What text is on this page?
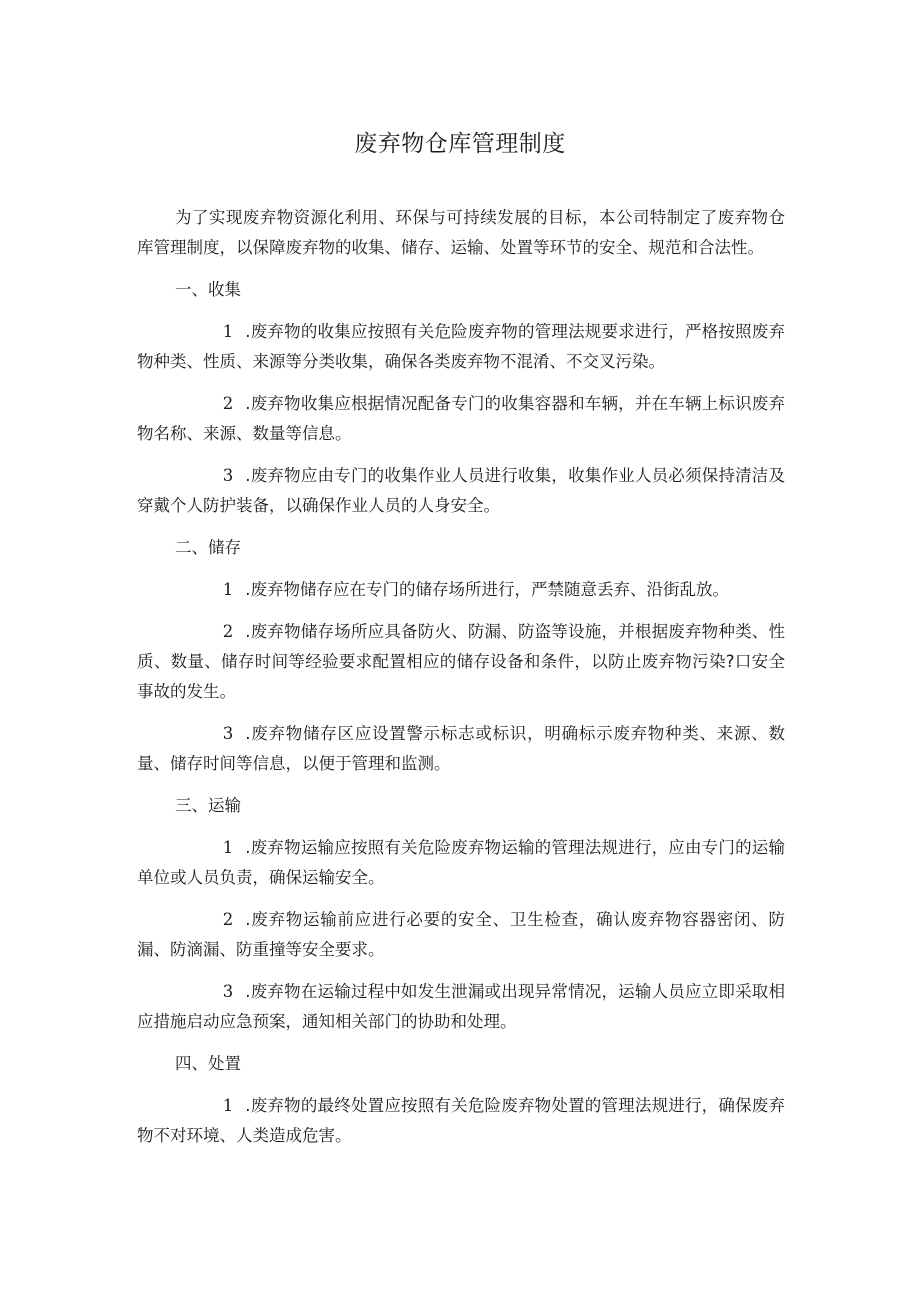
废弃物仓库管理制度

为了实现废弃物资源化利用、环保与可持续发展的目标，本公司特制定了废弃物仓库管理制度，以保障废弃物的收集、储存、运输、处置等环节的安全、规范和合法性。

一、收集

1 .废弃物的收集应按照有关危险废弃物的管理法规要求进行，严格按照废弃物种类、性质、来源等分类收集，确保各类废弃物不混淆、不交叉污染。

2 .废弃物收集应根据情况配备专门的收集容器和车辆，并在车辆上标识废弃物名称、来源、数量等信息。

3 .废弃物应由专门的收集作业人员进行收集，收集作业人员必须保持清洁及穿戴个人防护装备，以确保作业人员的人身安全。

二、储存

1 .废弃物储存应在专门的储存场所进行，严禁随意丢弃、沿街乱放。

2 .废弃物储存场所应具备防火、防漏、防盗等设施，并根据废弃物种类、性质、数量、储存时间等经验要求配置相应的储存设备和条件，以防止废弃物污染?口安全事故的发生。

3 .废弃物储存区应设置警示标志或标识，明确标示废弃物种类、来源、数量、储存时间等信息，以便于管理和监测。

三、运输

1 .废弃物运输应按照有关危险废弃物运输的管理法规进行，应由专门的运输单位或人员负责，确保运输安全。

2 .废弃物运输前应进行必要的安全、卫生检查，确认废弃物容器密闭、防漏、防滴漏、防重撞等安全要求。

3 .废弃物在运输过程中如发生泄漏或出现异常情况，运输人员应立即采取相应措施启动应急预案，通知相关部门的协助和处理。

四、处置

1 .废弃物的最终处置应按照有关危险废弃物处置的管理法规进行，确保废弃物不对环境、人类造成危害。
